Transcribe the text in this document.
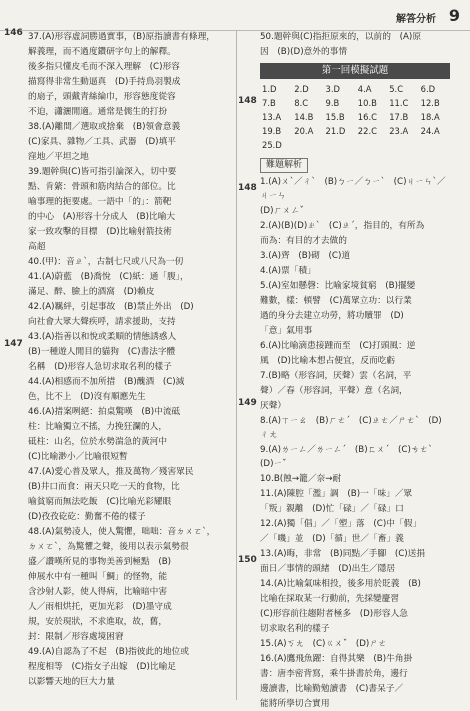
解答分析 9
146
147
148
148
149
150
37.(A)形容虛詞勝過實事，(B)原指讀書有條理，
解義理，而不過度鑽研字句上的解釋。
後多指只懂皮毛而不深入理解　(C)形容
描寫得非常生動逼真　(D)手持鳥羽製成
的扇子，頭戴青絲綸巾，形容態度從容
不迫，瀟灑閒適。通常是儒生的打扮
38.(A)離間／選取或捨棄　(B)領會意義
(C)家具、雜物／工具、武器　(D)填平
窪地／平坦之地
39.題幹與(C)皆可指引論深入，切中要
點、肯綮：骨頭和筋肉結合的部位。比
喻事理的扼要處。一語中「的」：箭靶
的中心　(A)形容十分成人　(B)比喻大
家一致攻擊的目標　(D)比喻射箭技術
高超
40.(甲)：音ㄓˋ，古制七尺或八尺為一仞
41.(A)蔚藍　(B)喬悅　(C)紙：通「腹」，
滿足、醉、臉上的酒窩　(D)賴皮
42.(A)羈絆，引起事故　(B)禁止外出　(D)
向社會大眾大聲疾呼，請求援助，支持
43.(A)指善以和悅或柔順的情態誘惑人
(B)一種遊人閒目的貓狗　(C)書法字體
名稱　(D)形容人急切求取名利的樣子
44.(A)相感而不加所措　(B)醜酒　(C)減
色，比不上　(D)沒有順應先生
46.(A)措案咧絕：拍桌驚嘆　(B)中流砥
柱：比喻獨立不搖，力挽狂瀾的人，
砥柱：山名，位於水勢湍急的黃河中
(C)比喻渺小／比喻很短暫
47.(A)愛心普及眾人，推及萬物／殘害眾民
(B)井口而食：兩天只吃一天的食物，比
喻貧窮而無法吃飯　(C)比喻光彩耀眼
(D)孜孜矻矻：勤奮不倦的樣子
48.(A)氣勢凌人，使人驚懼，咄咄：音ㄉㄨㄛˋ，
ㄉㄨㄛˋ，為驚懼之聲，後用以表示氣勢很
盛／讚嘆所見的事物美善到極點　(B)
伸展水中有一種叫「鯛」的怪物，能
含沙射人影，使人得病，比喻暗中害
人／雨相烘托，更加光彩　(D)墨守成
規，安於現狀，不求進取，故，舊，
封：限制／形容處境困窘
49.(A)自認為了不起　(B)指彼此的地位或
程度相等　(C)指女子出嫁　(D)比喻足
以影響天地的巨大力量
50.題幹與(C)指拒原來的，以前的　(A)原
因　(B)(D)意外的事情
第一回模擬試題
1.D	2.D	3.D	4.A	5.C	6.D
7.B	8.C	9.B	10.B	11.C	12.B
13.A	14.B	15.B	16.C	17.B	18.A
19.B	20.A	21.D	22.C	23.A	24.A
25.D					
難題解析
1.(A)ㄨˋ／ㄔˋ　(B)ㄅㄧ／ㄅㄧˋ　(C)ㄐㄧㄣˋ／ㄐㄧㄣ
(D)ㄏㄨㄥˇ
2.(A)(B)(D)ㄓˋ　(C)ㄓˊ，指目的，有所為
而為：有目的才去做的
3.(A)齊　(B)砌　(C)道
4.(A)票「積」
5.(A)室如懸磬：比喻家境貧窮　(B)擺變
難數，樣：頓譬　(C)萬眾立功：以行業
過的身分去建立功勞，將功贖罪　(D)
「意」氣用事
6.(A)比喻滴患接踵而至　(C)打頭風：逆
風　(D)比喻本想占便宜，反而吃虧
7.(B)略（形容詞，厌聲）雲（名詞，平
聲）／春（形容詞，平聲）意（名詞，
厌聲）
8.(A)ㄒㄧㄠ　(B)ㄏㄜˊ　(C)ㄓㄜ／ㄕㄜˋ　(D)ㄔㄤ
9.(A)ㄌㄧㄥ／ㄌㄧㄥˊ　(B)ㄈㄨˊ　(C)ㄘㄜˋ　(D)ㄧˇ
10.B(蝕→籠／奈→耐
11.(A)陳腔「濫」調　(B)一「味」／眾
「叛」親離　(D)忙「碌」／「碌」口
12.(A)獨「倡」／「塑」落　(C)中「假」
／「嘰」並　(D)「循」世／「畜」義
13.(A)晦，非常　(B)同點／手腳　(C)送捐
面日／事情的頭緒　(D)出生／隱居
14.(A)比喻氣味相投，後多用於貶義　(B)
比喻在採取某一行動前，先採變慶習
(C)形容前往趨附者極多　(D)形容人急
切求取名利的樣子
15.(A)ㄎㄤ　(C)ㄍㄨˇ　(D)ㄕㄜ
16.(A)鷹飛魚躍：自得其樂　(B)牛角掛
書：唐李密背寫，乘牛掛書於角，邊行
邊讀書，比喻勤勉讀書　(C)書呆子／
能將所學切合實用
